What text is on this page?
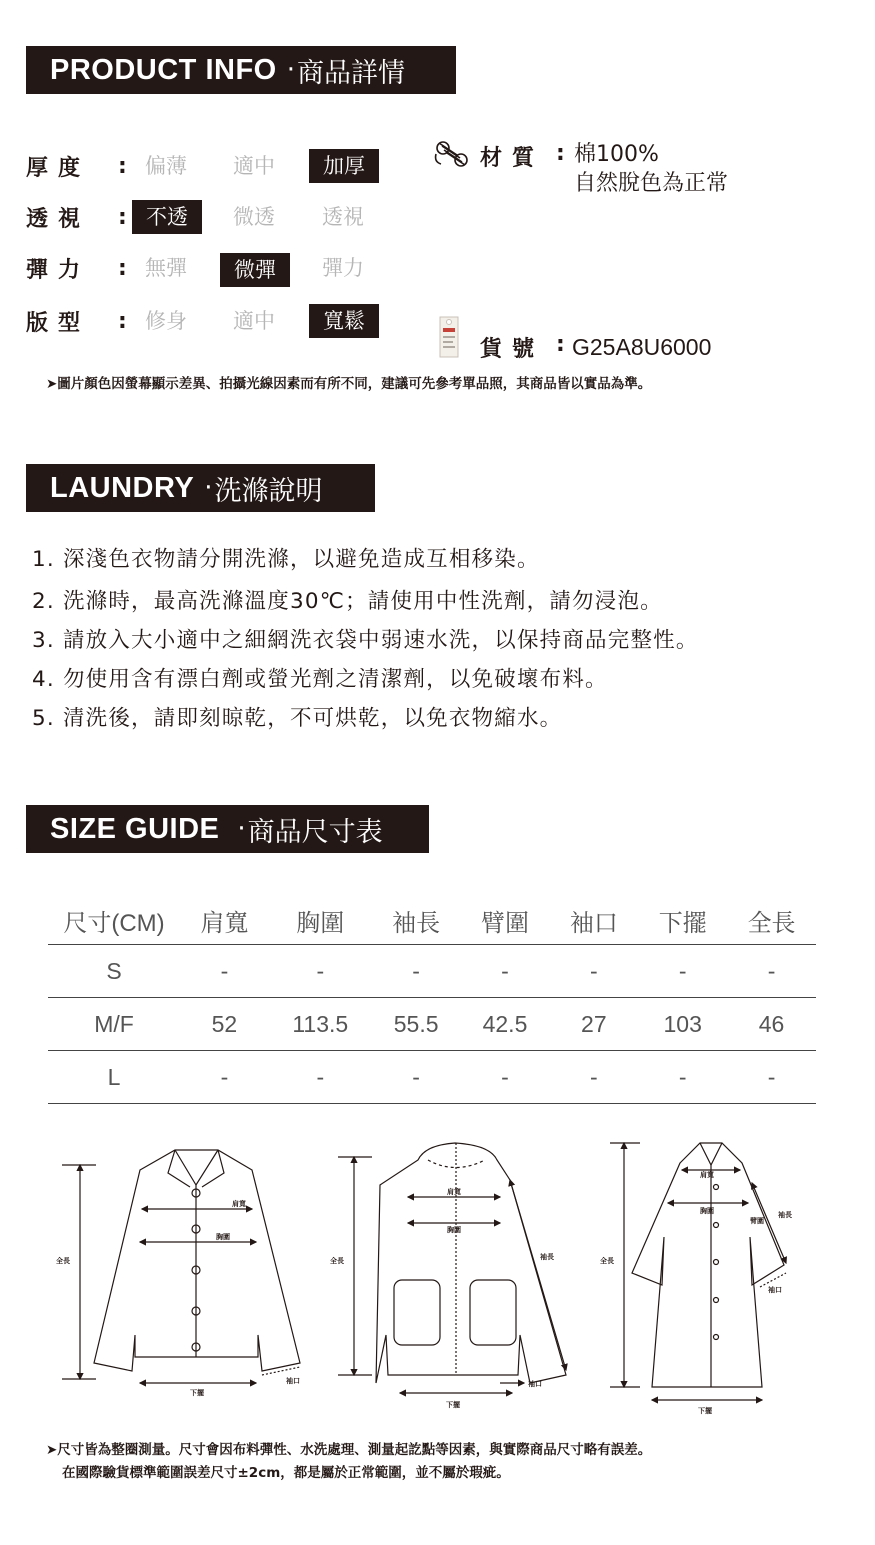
PRODUCT INFO · 商品詳情
厚度	: 偏薄	適中	加厚
透視	: 不透	微透	透視
彈力	: 無彈	微彈	彈力
版型	: 修身	適中	寬鬆
材質 : 棉100%
自然脫色為正常
貨號 : G25A8U6000
➤圖片顏色因螢幕顯示差異、拍攝光線因素而有所不同，建議可先參考單品照，其商品皆以實品為準。
LAUNDRY · 洗滌說明
1. 深淺色衣物請分開洗滌，以避免造成互相移染。
2. 洗滌時，最高洗滌溫度30℃；請使用中性洗劑，請勿浸泡。
3. 請放入大小適中之細網洗衣袋中弱速水洗，以保持商品完整性。
4. 勿使用含有漂白劑或螢光劑之清潔劑，以免破壞布料。
5. 清洗後，請即刻晾乾，不可烘乾，以免衣物縮水。
SIZE GUIDE · 商品尺寸表
尺寸(CM)	肩寬	胸圍	袖長	臂圍	袖口	下擺	全長
S	-	-	-	-	-	-	-
M/F	52	113.5	55.5	42.5	27	103	46
L	-	-	-	-	-	-	-
全長
肩寬
胸圍
下擺
袖口
全長
肩寬
胸圍
袖長
下擺
袖口
全長
肩寬
胸圍
臂圍
袖長
袖口
下擺
➤尺寸皆為整圈測量。尺寸會因布料彈性、水洗處理、測量起訖點等因素，與實際商品尺寸略有誤差。
在國際驗貨標準範圍誤差尺寸±2cm，都是屬於正常範圍，並不屬於瑕疵。
